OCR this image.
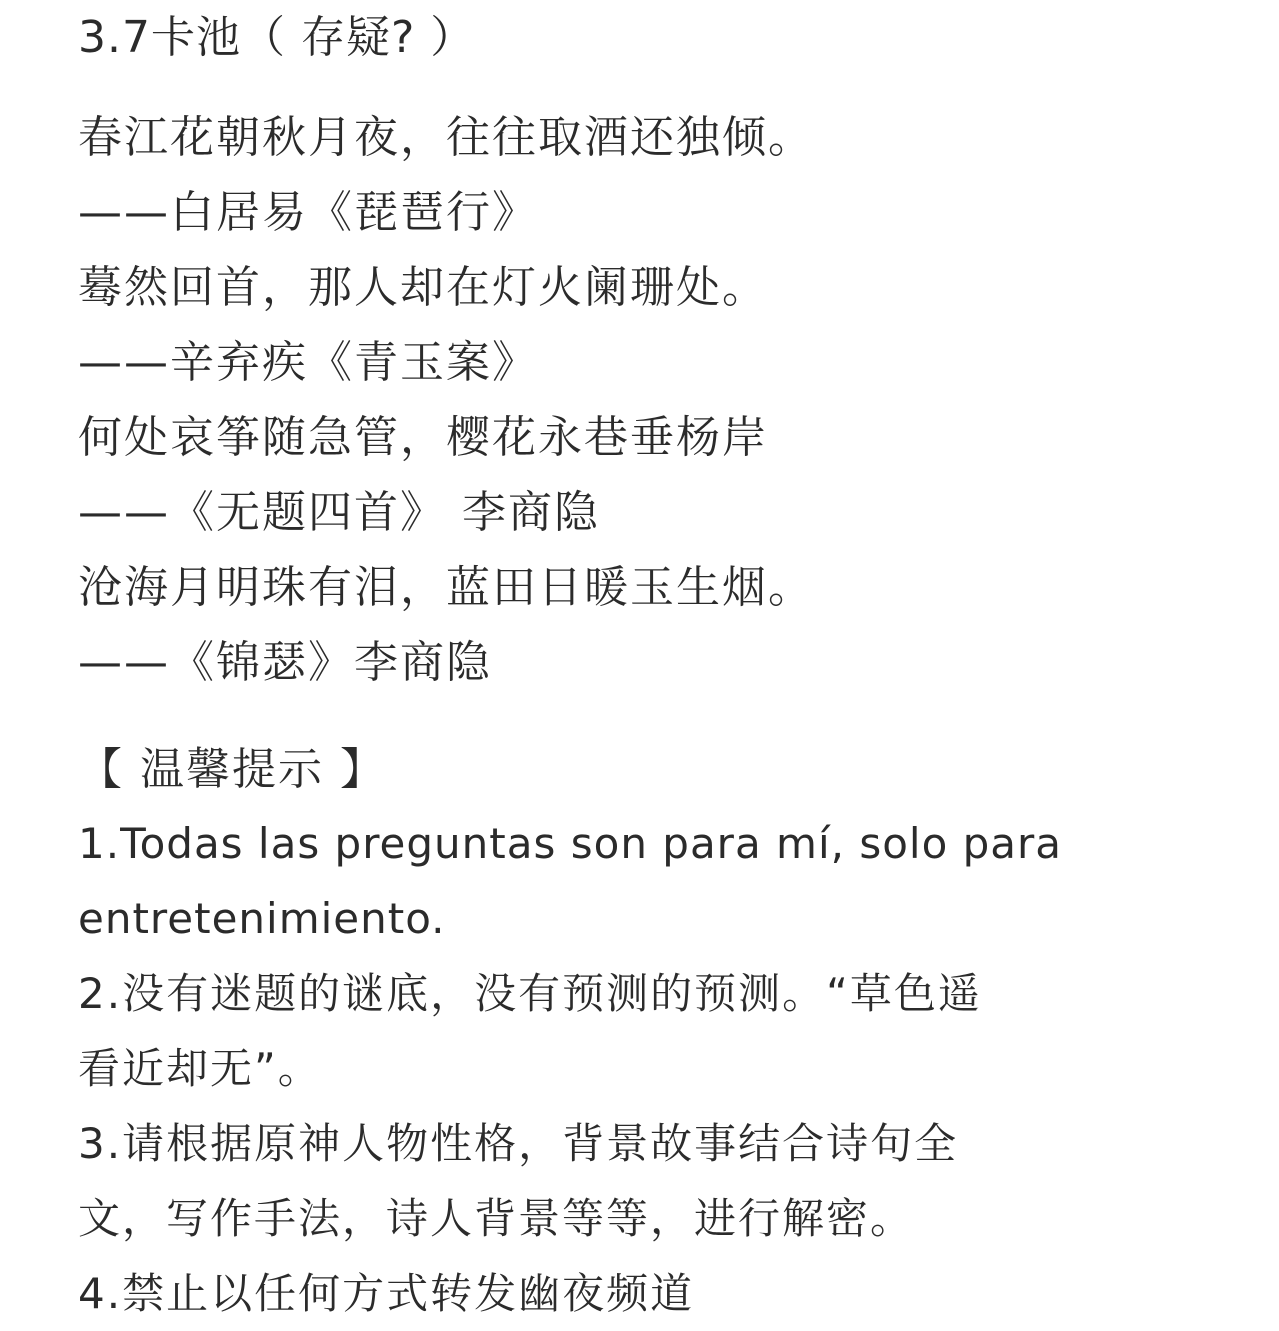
3.7卡池（ 存疑? ）
春江花朝秋月夜，往往取酒还独倾。
——白居易《琵琶行》
蓦然回首，那人却在灯火阑珊处。
——辛弃疾《青玉案》
何处哀筝随急管，樱花永巷垂杨岸
——《无题四首》 李商隐
沧海月明珠有泪，蓝田日暖玉生烟。
——《锦瑟》李商隐
【 温馨提示 】
1.Todas las preguntas son para mí, solo para
entretenimiento.
2.没有迷题的谜底，没有预测的预测。“草色遥
看近却无”。
3.请根据原神人物性格，背景故事结合诗句全
文，写作手法，诗人背景等等，进行解密。
4.禁止以任何方式转发幽夜频道
